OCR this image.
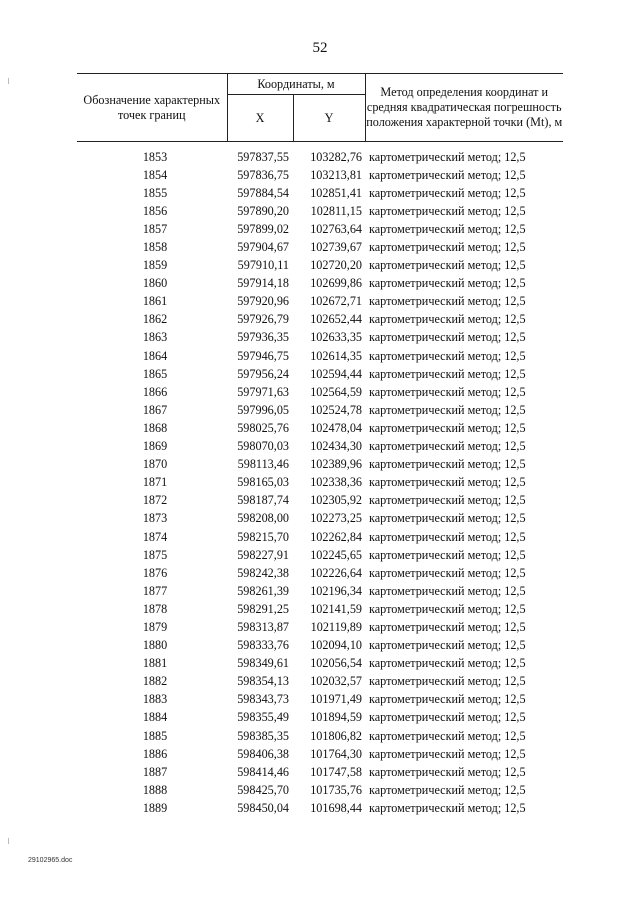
52
Обозначение характерных точек границ	Координаты, м		Метод определения координат и средняя квадратическая погрешность положения характерной точки (Mt), м
	X	Y	
1853	597837,55	103282,76	картометрический метод; 12,5
1854	597836,75	103213,81	картометрический метод; 12,5
1855	597884,54	102851,41	картометрический метод; 12,5
1856	597890,20	102811,15	картометрический метод; 12,5
1857	597899,02	102763,64	картометрический метод; 12,5
1858	597904,67	102739,67	картометрический метод; 12,5
1859	597910,11	102720,20	картометрический метод; 12,5
1860	597914,18	102699,86	картометрический метод; 12,5
1861	597920,96	102672,71	картометрический метод; 12,5
1862	597926,79	102652,44	картометрический метод; 12,5
1863	597936,35	102633,35	картометрический метод; 12,5
1864	597946,75	102614,35	картометрический метод; 12,5
1865	597956,24	102594,44	картометрический метод; 12,5
1866	597971,63	102564,59	картометрический метод; 12,5
1867	597996,05	102524,78	картометрический метод; 12,5
1868	598025,76	102478,04	картометрический метод; 12,5
1869	598070,03	102434,30	картометрический метод; 12,5
1870	598113,46	102389,96	картометрический метод; 12,5
1871	598165,03	102338,36	картометрический метод; 12,5
1872	598187,74	102305,92	картометрический метод; 12,5
1873	598208,00	102273,25	картометрический метод; 12,5
1874	598215,70	102262,84	картометрический метод; 12,5
1875	598227,91	102245,65	картометрический метод; 12,5
1876	598242,38	102226,64	картометрический метод; 12,5
1877	598261,39	102196,34	картометрический метод; 12,5
1878	598291,25	102141,59	картометрический метод; 12,5
1879	598313,87	102119,89	картометрический метод; 12,5
1880	598333,76	102094,10	картометрический метод; 12,5
1881	598349,61	102056,54	картометрический метод; 12,5
1882	598354,13	102032,57	картометрический метод; 12,5
1883	598343,73	101971,49	картометрический метод; 12,5
1884	598355,49	101894,59	картометрический метод; 12,5
1885	598385,35	101806,82	картометрический метод; 12,5
1886	598406,38	101764,30	картометрический метод; 12,5
1887	598414,46	101747,58	картометрический метод; 12,5
1888	598425,70	101735,76	картометрический метод; 12,5
1889	598450,04	101698,44	картометрический метод; 12,5
29102965.doc
